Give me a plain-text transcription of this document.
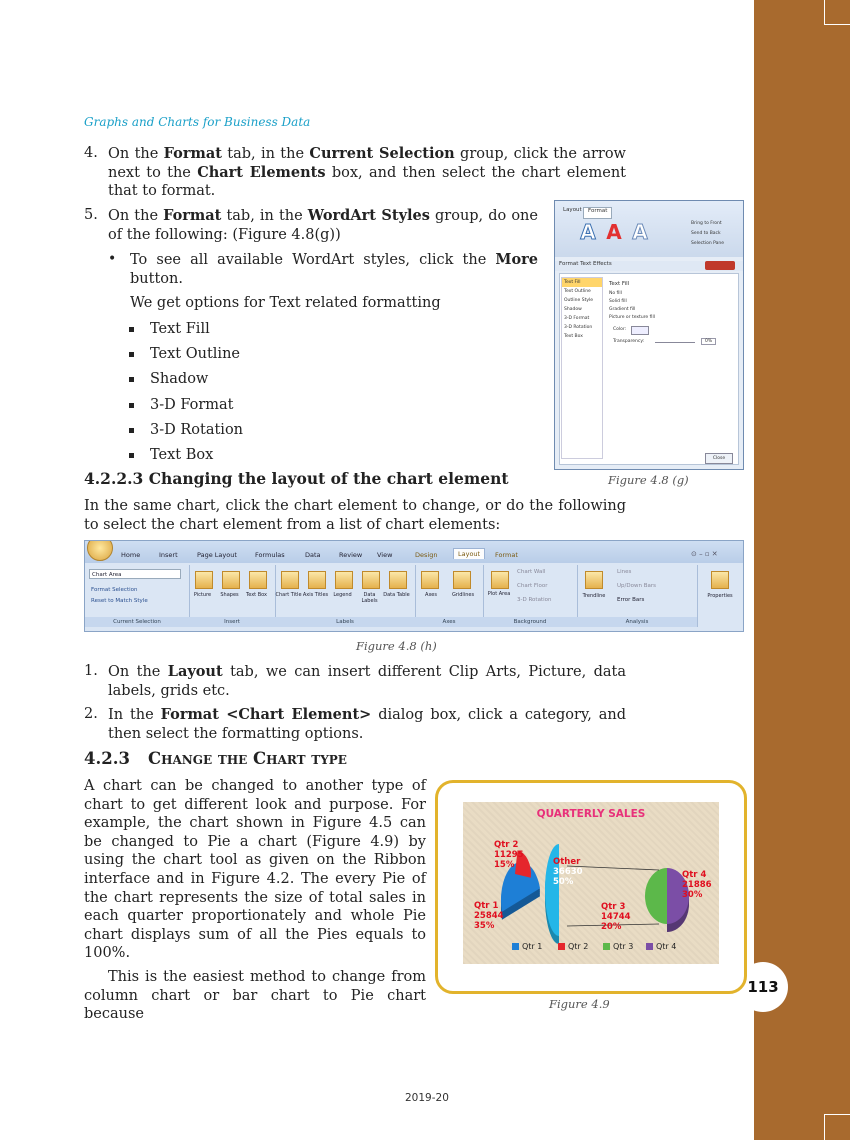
113
Graphs and Charts for Business Data
4. On the Format tab, in the Current Selection group, click the arrow next to the Chart Elements box, and then select the chart element that to format.
5. On the Format tab, in the WordArt Styles group, do one of the following: (Figure 4.8(g))
• To see all available WordArt styles, click the More button.
We get options for Text related formatting
Text Fill
Text Outline
Shadow
3-D Format
3-D Rotation
Text Box
Layout	Format
A A A	Bring to Front
Send to Back
Selection Pane
Format Text Effects
Text Fill
Text Outline
Outline Style
Shadow
3-D Format
3-D Rotation
Text Box
Text Fill
No fill
Solid fill
Gradient fill
Picture or texture fill
Color:
Transparency:	0%
Close
Figure 4.8 (g)
4.2.2.3 Changing the layout of the chart element
In the same chart, click the chart element to change, or do the following to select the chart element from a list of chart elements:
Home	Insert	Page Layout	Formulas	Data	Review View	Design	Layout	Format	⊙ – ▫ ✕
Chart Area
Format Selection
Reset to Match Style
Current Selection	Insert
Picture	Shapes	Text Box
Labels
Chart Title Axis Titles	Legend	Data Labels
Data Table
Axes
Axes	Gridlines	Plot Area
Chart Wall
Chart Floor
3-D Rotation
Background
Trendline
Lines
Up/Down Bars
Error Bars
Analysis
Properties
Figure 4.8 (h)
1. On the Layout tab, we can insert different Clip Arts, Picture, data labels, grids etc.
2. In the Format <Chart Element> dialog box, click a category, and then select the formatting options.
4.2.3 Change the Chart type
A chart can be changed to another type of chart to get different look and purpose. For example, the chart shown in Figure 4.5 can be changed to Pie a chart (Figure 4.9) by using the chart tool as given on the Ribbon interface and in Figure 4.2. The every Pie of the chart represents the size of total sales in each quarter proportionately and whole Pie chart displays sum of all the Pies equals to 100%.
This is the easiest method to change from column chart or bar chart to Pie chart because
QUARTERLY SALES
Qtr 2
11295
15%
Qtr 1
25844
35%
Other
36630
50%
Qtr 3
14744
20%
Qtr 4
21886
30%
Qtr 1	Qtr 2	Qtr 3	Qtr 4
Figure 4.9
2019-20
